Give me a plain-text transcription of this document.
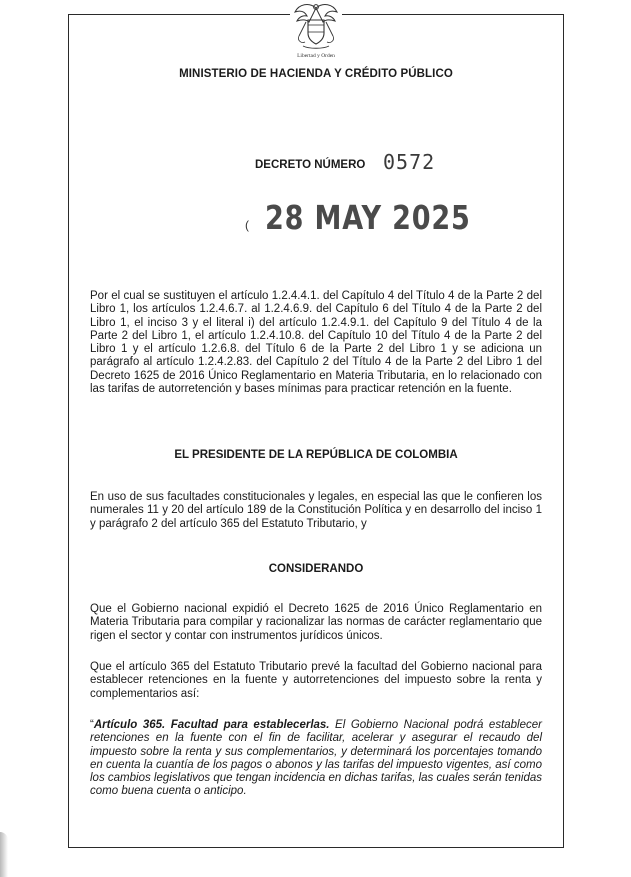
Libertad y Orden
MINISTERIO DE HACIENDA Y CRÉDITO PÚBLICO
DECRETO NÚMERO 0572
( 28 MAY 2025

Por el cual se sustituyen el artículo 1.2.4.4.1. del Capítulo 4 del Título 4 de la Parte 2 del Libro 1, los artículos 1.2.4.6.7. al 1.2.4.6.9. del Capítulo 6 del Título 4 de la Parte 2 del Libro 1, el inciso 3 y el literal i) del artículo 1.2.4.9.1. del Capítulo 9 del Título 4 de la Parte 2 del Libro 1, el artículo 1.2.4.10.8. del Capítulo 10 del Título 4 de la Parte 2 del Libro 1 y el artículo 1.2.6.8. del Título 6 de la Parte 2 del Libro 1 y se adiciona un parágrafo al artículo 1.2.4.2.83. del Capítulo 2 del Título 4 de la Parte 2 del Libro 1 del Decreto 1625 de 2016 Único Reglamentario en Materia Tributaria, en lo relacionado con las tarifas de autorretención y bases mínimas para practicar retención en la fuente.

EL PRESIDENTE DE LA REPÚBLICA DE COLOMBIA

En uso de sus facultades constitucionales y legales, en especial las que le confieren los numerales 11 y 20 del artículo 189 de la Constitución Política y en desarrollo del inciso 1 y parágrafo 2 del artículo 365 del Estatuto Tributario, y

CONSIDERANDO

Que el Gobierno nacional expidió el Decreto 1625 de 2016 Único Reglamentario en Materia Tributaria para compilar y racionalizar las normas de carácter reglamentario que rigen el sector y contar con instrumentos jurídicos únicos.

Que el artículo 365 del Estatuto Tributario prevé la facultad del Gobierno nacional para establecer retenciones en la fuente y autorretenciones del impuesto sobre la renta y complementarios así:

“Artículo 365. Facultad para establecerlas. El Gobierno Nacional podrá establecer retenciones en la fuente con el fin de facilitar, acelerar y asegurar el recaudo del impuesto sobre la renta y sus complementarios, y determinará los porcentajes tomando en cuenta la cuantía de los pagos o abonos y las tarifas del impuesto vigentes, así como los cambios legislativos que tengan incidencia en dichas tarifas, las cuales serán tenidas como buena cuenta o anticipo.
